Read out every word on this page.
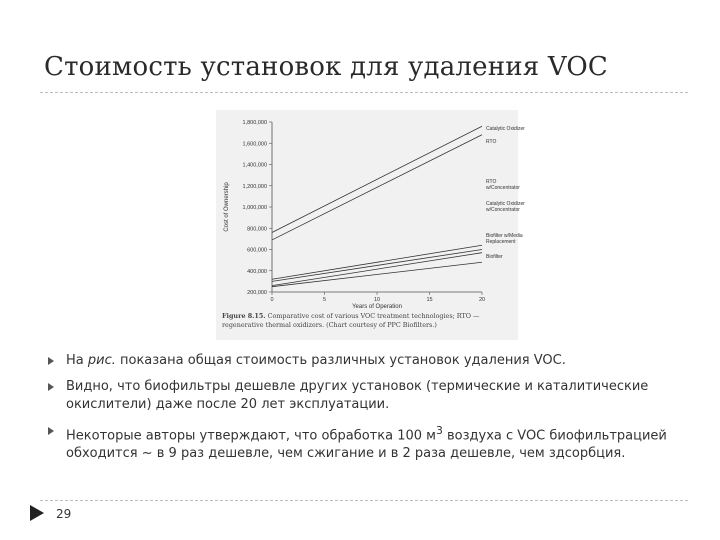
Стоимость установок для удаления VOC
200,000
400,000
600,000
800,000
1,000,000
1,200,000
1,400,000
1,600,000
1,800,000
0	5	10	15	20
Years of Operation
Cost of Ownership
Catalytic Oxidizer
RTO
RTO
w/Concentrator
Catalytic Oxidizer
w/Concentrator
Biofilter w/Media
Replacement
Biofilter
Figure 8.15. Comparative cost of various VOC treatment technologies; RTO — regenerative thermal oxidizers. (Chart courtesy of PPC Biofilters.)
На рис. показана общая стоимость различных установок удаления VOC.
Видно, что биофильтры дешевле других установок (термические и каталитические окислители) даже после 20 лет эксплуатации.
Некоторые авторы утверждают, что обработка 100 $м^3$ воздуха с VOC биофильтрацией обходится ~ в 9 раз дешевле, чем сжигание и в 2 раза дешевле, чем здсорбция.
29
